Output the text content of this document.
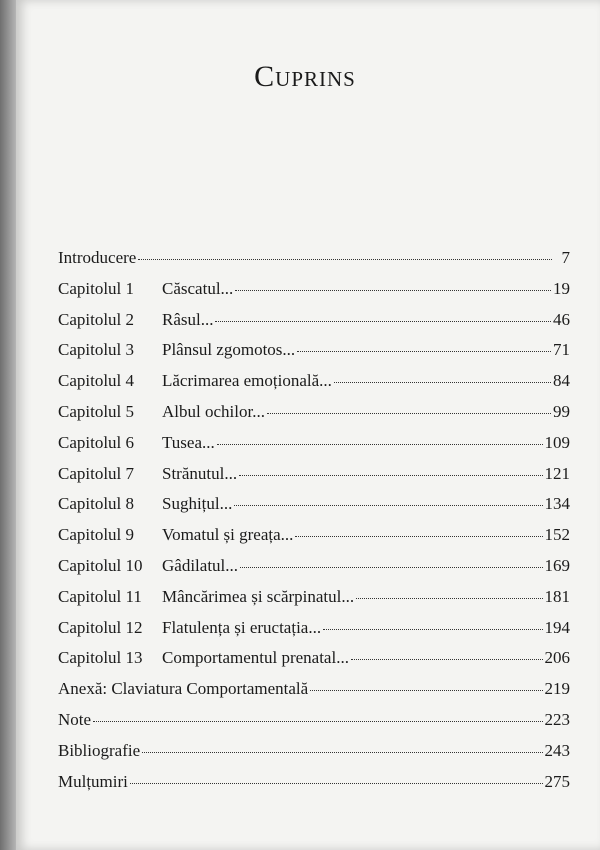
Cuprins
Introducere	7
Capitolul 1	Căscatul...	19
Capitolul 2	Râsul...	46
Capitolul 3	Plânsul zgomotos...	71
Capitolul 4	Lăcrimarea emoțională...	84
Capitolul 5	Albul ochilor...	99
Capitolul 6	Tusea...	109
Capitolul 7	Strănutul...	121
Capitolul 8	Sughițul...	134
Capitolul 9	Vomatul și greața...	152
Capitolul 10	Gâdilatul...	169
Capitolul 11	Mâncărimea și scărpinatul...	181
Capitolul 12	Flatulența și eructația...	194
Capitolul 13	Comportamentul prenatal...	206
Anexă: Claviatura Comportamentală	219
Note	223
Bibliografie	243
Mulțumiri	275
